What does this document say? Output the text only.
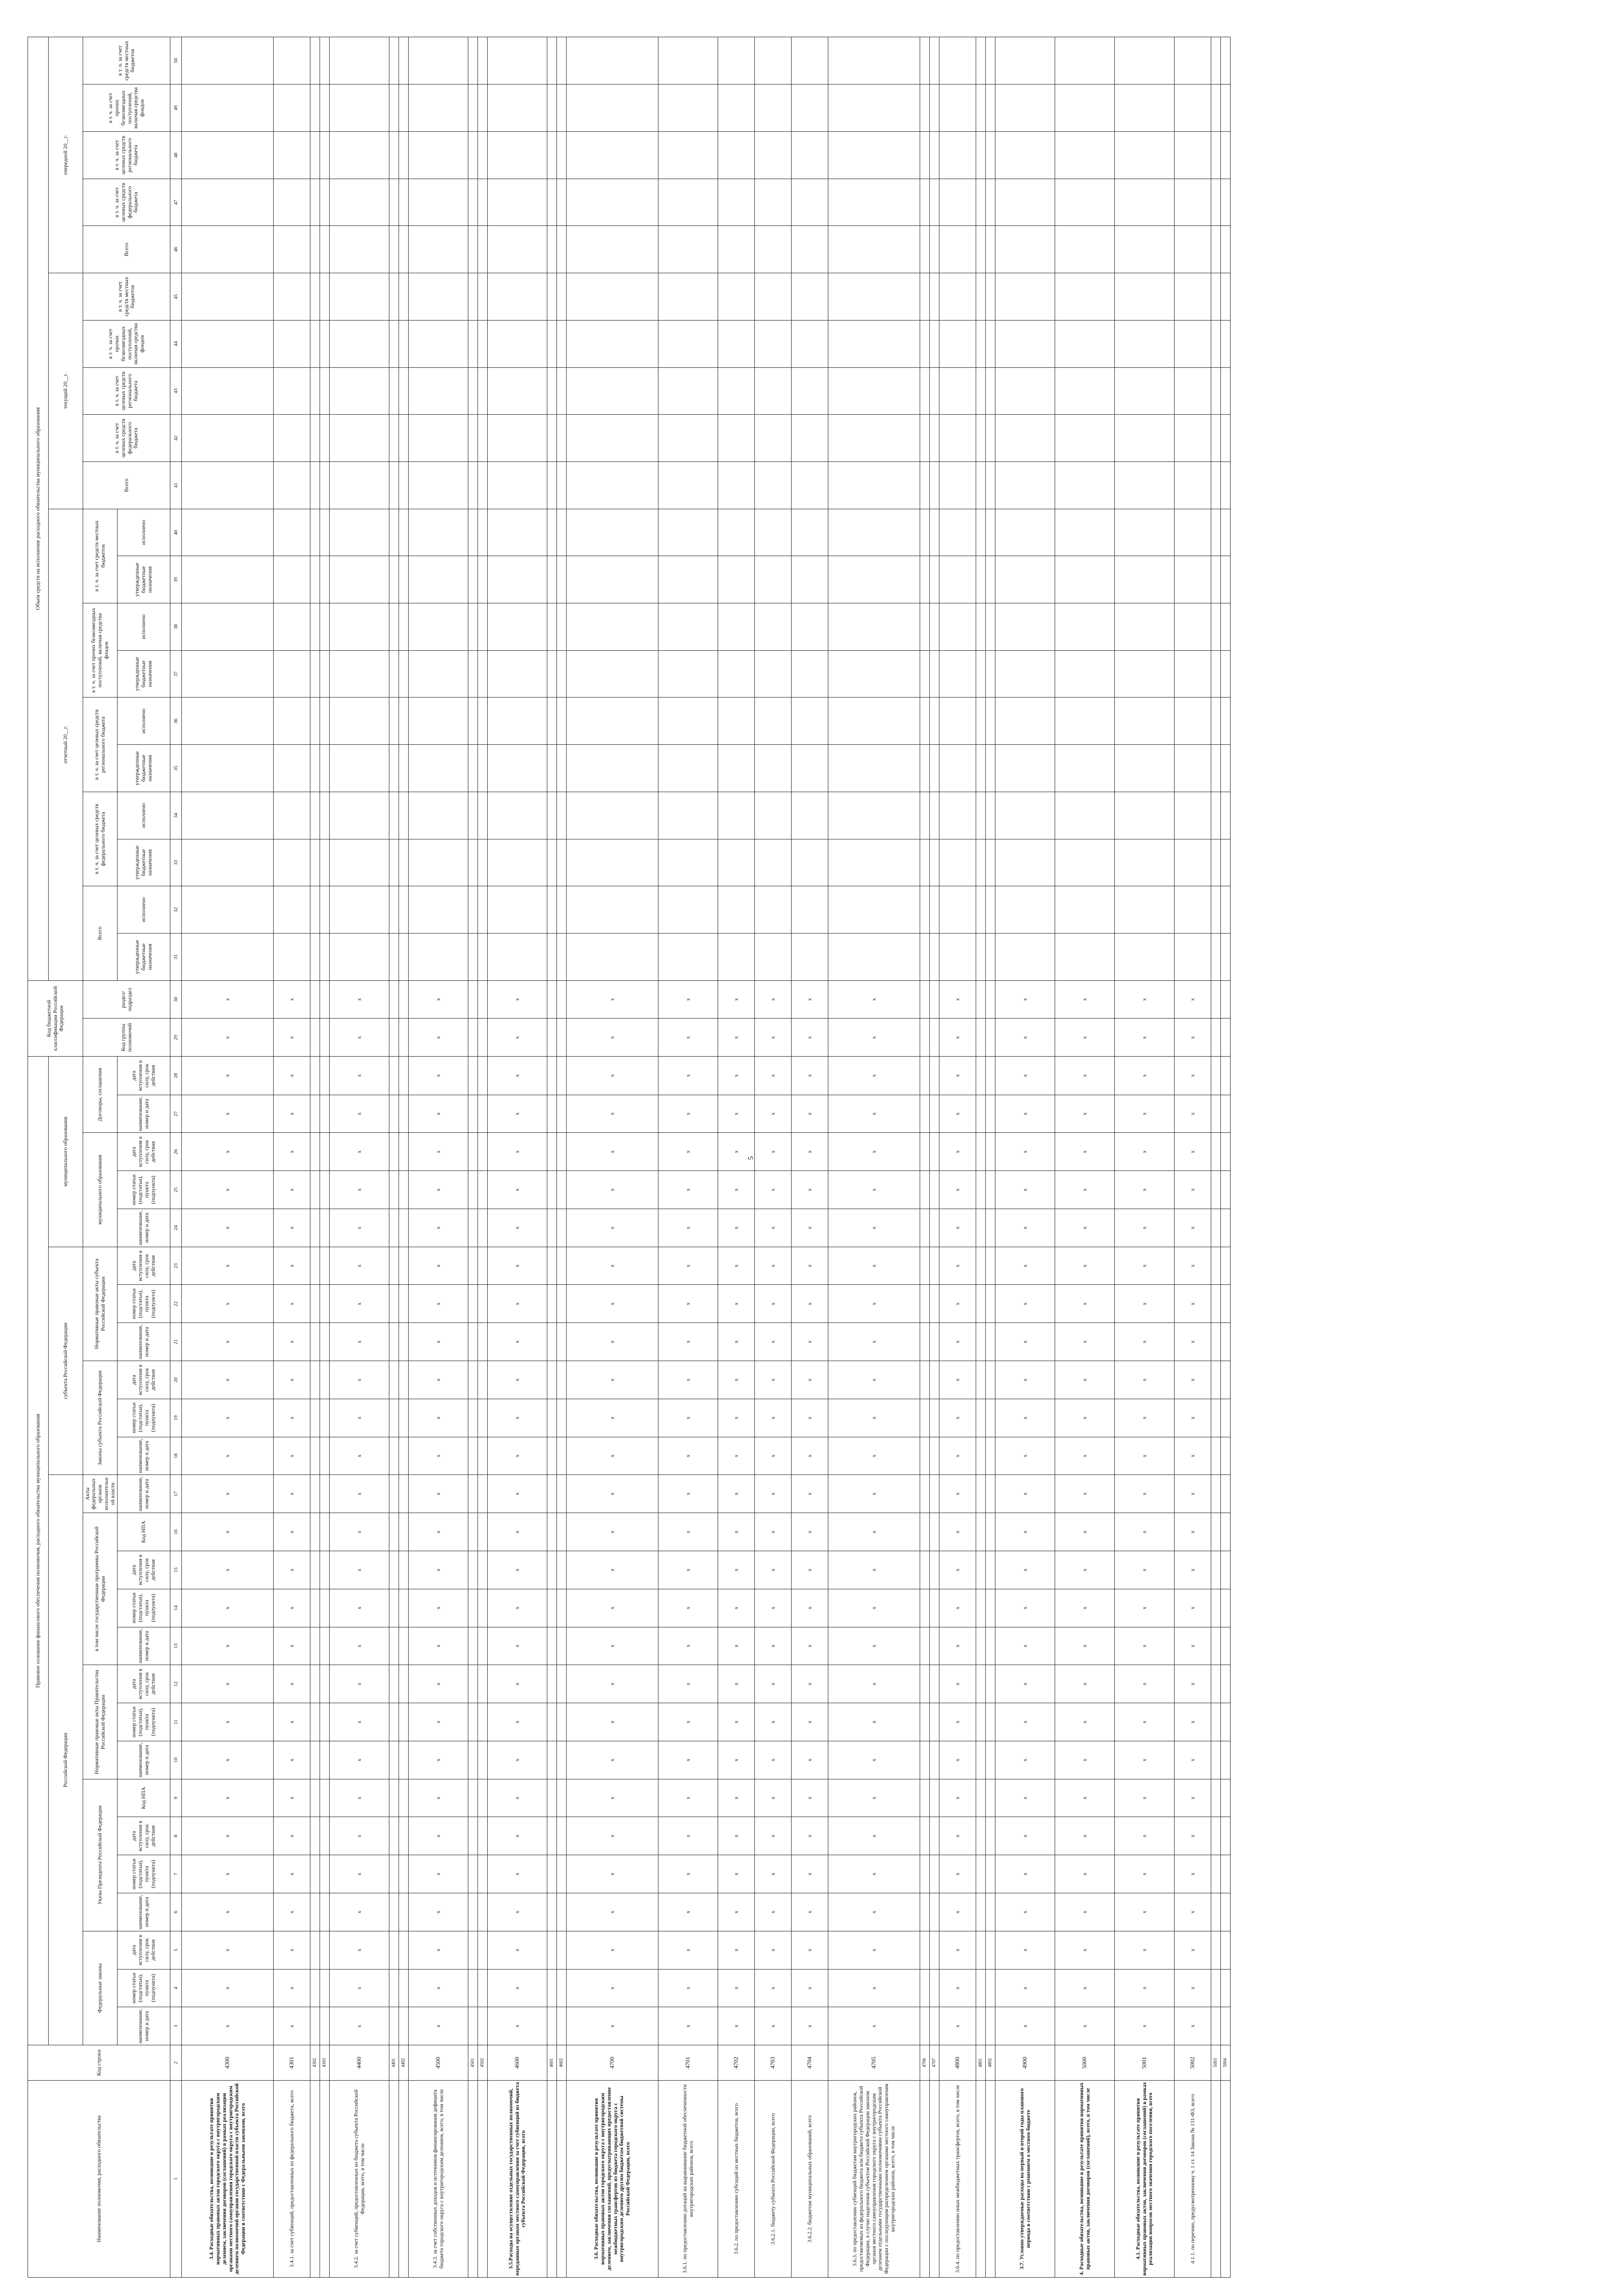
5
Наименование полномочия, расходного обязательства	Код строки	Правовое основание финансового обеспечения полномочия, расходного обязательства муниципального образования																										Код бюджетной классификации Российской Федерации		Объем средств на исполнение расходного обязательства муниципального образования																			
		Российской Федерации															субъекта Российской Федерации						муниципального образования							отчетный 20__г.										текущий 20__г.					очередной 20__г.				
		Федеральные законы			Указы Президента Российской Федерации				Нормативные правовые акты Правительства Российской Федерации			в том числе государственные программы Российской Федерации				Акты федеральных органов исполнительной власти	Законы субъекта Российской Федерации			Нормативные правовые акты субъекта Российской Федерации			муниципального образования			Договоры, соглашения		Код группы полномочий	раздел/ подраздел	Всего		в т. ч. за счет целевых средств федерального бюджета		в т. ч. за счет целевых средств регионального бюджета		в т. ч. за счет прочих безвозмездных поступлений, включая средства фондов		в т. ч. за счет средств местных бюджетов		Всего	в т. ч. за счет целевых средств федерального бюджета	в т. ч. за счет целевых средств регионального бюджета	в т. ч. за счет прочих безвозмездных поступлений, включая средства фондов	в т. ч. за счет средств местных бюджетов	Всего	в т. ч. за счет целевых средств федерального бюджета	в т. ч. за счет целевых средств регионального бюджета	в т. ч. за счет прочих безвозмездных поступлений, включая средства фондов	в т. ч. за счет средств местных бюджетов
		наименование, номер и дата	номер статьи (подстатьи), пункта (подпункта)	дата вступления в силу, срок действия	наименование, номер и дата	номер статьи (подстатьи), пункта (подпункта)	дата вступления в силу, срок действия	Код НПА	наименование, номер и дата	номер статьи (подстатьи), пункта (подпункта)	дата вступления в силу, срок действия	наименование, номер и дата	номер статьи (подстатьи), пункта (подпункта)	дата вступления в силу, срок действия	Код НПА	наименование, номер и дата	наименование, номер и дата	номер статьи (подстатьи), пункта (подпункта)	дата вступления в силу, срок действия	наименование, номер и дата	номер статьи (подстатьи), пункта (подпункта)	дата вступления в силу, срок действия	наименование, номер и дата	номер статьи (подстатьи), пункта (подпункта)	дата вступления в силу, срок действия	наименование, номер и дата	дата вступления в силу, срок действия			утвержденные бюджетные назначения	исполнено	утвержденные бюджетные назначения	исполнено	утвержденные бюджетные назначения	исполнено	утвержденные бюджетные назначения	исполнено	утвержденные бюджетные назначения	исполнено										
1	2	3	4	5	6	7	8	9	10	11	12	13	14	15	16	17	18	19	20	21	22	23	24	25	26	27	28	29	30	31	32	33	34	35	36	37	38	39	40	41	42	43	44	45	46	47	48	49	50
3.4. Расходные обязательства, возникшие в результате принятия нормативных правовых актов городского округа с внутригородским делением, заключения договоров (соглашений) в рамках реализации органами местного самоуправления городского округа с внутригородским делением полномочий органов государственной власти субъекта Российской Федерации в соответствии с Федеральными законами, всего	4300	x	x	x	x	x	x	x	x	x	x	x	x	x	x	x	x	x	x	x	x	x	x	x	x	x	x	x	x																				
3.4.1. за счет субвенций, предоставленных из федерального бюджета, всего	4301	x	x	x	x	x	x	x	x	x	x	x	x	x	x	x	x	x	x	x	x	x	x	x	x	x	x	x	x																				
	4302																																																
	4303																																																
3.4.2. за счет субвенций, предоставленных из бюджета субъекта Российской Федерации, всего, в том числе	4400	x	x	x	x	x	x	x	x	x	x	x	x	x	x	x	x	x	x	x	x	x	x	x	x	x	x	x	x																				
	4401																																																
	4402																																																
3.4.3. за счет собственных доходов и источников финансирования дефицита бюджета городского округа с внутригородским делением, всего, в том числе	4500	x	x	x	x	x	x	x	x	x	x	x	x	x	x	x	x	x	x	x	x	x	x	x	x	x	x	x	x																				
	4501																																																
	4502																																																
3.5.Расходы на осуществление отдельных государственных полномочий, переданных органам местного самоуправления за счет субвенций из бюджета субъекта Российской Федерации, всего	4600	x	x	x	x	x	x	x	x	x	x	x	x	x	x	x	x	x	x	x	x	x	x	x	x	x	x	x	x																				
	4601																																																
	4602																																																
3.6. Расходные обязательства, возникшие в результате принятия нормативных правовых актов городского округа с внутригородским делением, заключения соглашений, предусматривающих предоставление межбюджетных трансфертов из бюджета городского округа с внутригородским делением другим бюджетам бюджетной системы Российской Федерации, всего	4700	x	x	x	x	x	x	x	x	x	x	x	x	x	x	x	x	x	x	x	x	x	x	x	x	x	x	x	x																				
3.6.1. по предоставлению дотаций на выравнивание бюджетной обеспеченности внутригородских районов, всего	4701	x	x	x	x	x	x	x	x	x	x	x	x	x	x	x	x	x	x	x	x	x	x	x	x	x	x	x	x																				
3.6.2. по предоставлению субсидий из местных бюджетов, всего	4702	x	x	x	x	x	x	x	x	x	x	x	x	x	x	x	x	x	x	x	x	x	x	x	x	x	x	x	x																				
3.6.2.1. бюджету субъекта Российской Федерации, всего	4703	x	x	x	x	x	x	x	x	x	x	x	x	x	x	x	x	x	x	x	x	x	x	x	x	x	x	x	x																				
3.6.2.2. бюджетам муниципальных образований, всего	4704	x	x	x	x	x	x	x	x	x	x	x	x	x	x	x	x	x	x	x	x	x	x	x	x	x	x	x	x																				
3.6.3. по предоставлению субвенций бюджетам внутригородских районов, предоставляемых из федерального бюджета или бюджета субъекта Российской Федерации, в случае наделения субъектом Российской Федерации законом органов местного самоуправления городского округа с внутригородским делением отдельными государственными полномочиями субъекта Российской Федерации с последующим распределением органами местного самоуправления внутригородских районов, всего, в том числе	4705	x	x	x	x	x	x	x	x	x	x	x	x	x	x	x	x	x	x	x	x	x	x	x	x	x	x	x	x																				
	4706																																																
	4707																																																
3.6.4. по предоставлению иных межбюджетных трансфертов, всего, в том числе	4800	x	x	x	x	x	x	x	x	x	x	x	x	x	x	x	x	x	x	x	x	x	x	x	x	x	x	x	x																				
	4801																																																
	4802																																																
3.7. Условно утверждаемые расходы на первый и второй годы планового периода в соответствии с решением о местном бюджете	4900	x	x	x	x	x	x	x	x	x	x	x	x	x	x	x	x	x	x	x	x	x	x	x	x	x	x	x	x																				
4. Расходные обязательства, возникшие в результате принятия нормативных правовых актов, заключения договоров (соглашений), всего, в том числе	5000	x	x	x	x	x	x	x	x	x	x	x	x	x	x	x	x	x	x	x	x	x	x	x	x	x	x	x	x																				
4.1. Расходные обязательства, возникшие в результате принятия нормативных правовых актов, заключения договоров (соглашений) в рамках реализации вопросов местного значения городского поселения, всего	5001	x	x	x	x	x	x	x	x	x	x	x	x	x	x	x	x	x	x	x	x	x	x	x	x	x	x	x	x																				
4.1.1. по перечню, предусмотренному ч. 1 ст. 14 Закона № 131-ФЗ, всего	5002	x	x	x	x	x	x	x	x	x	x	x	x	x	x	x	x	x	x	x	x	x	x	x	x	x	x	x	x																				
	5003																																																
	5004																																																
